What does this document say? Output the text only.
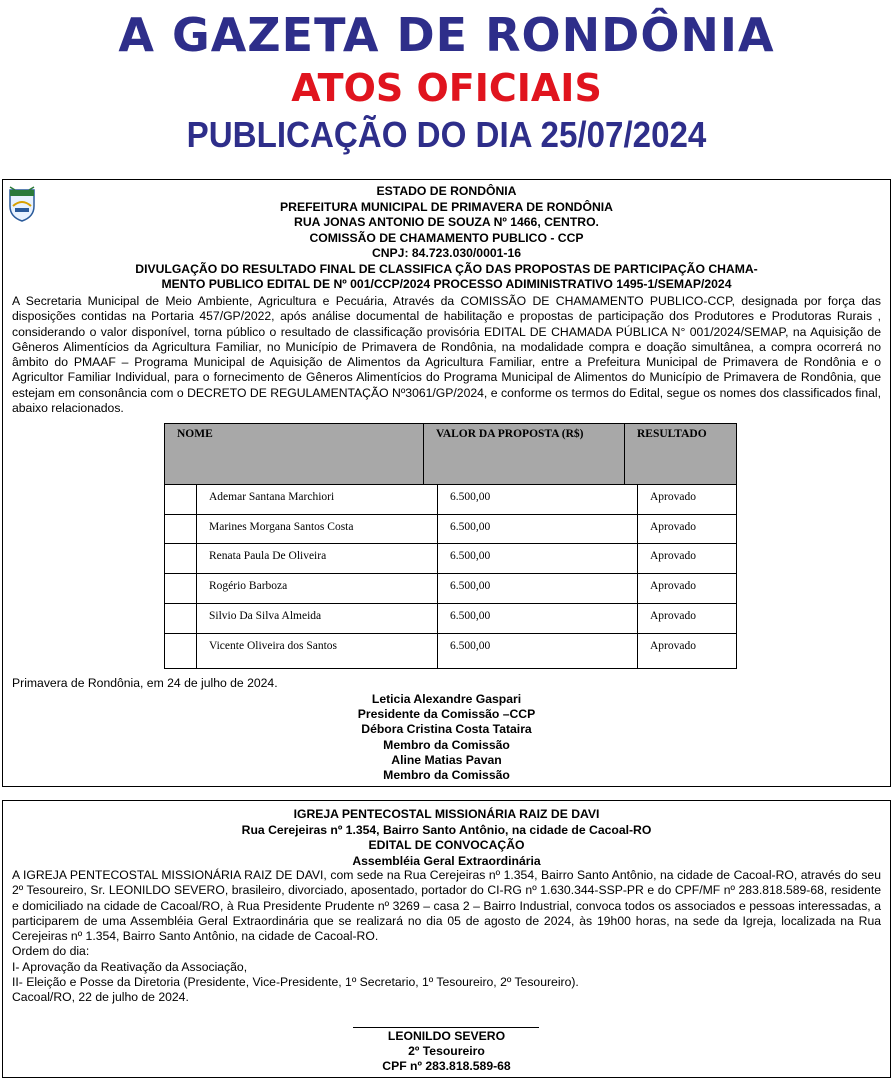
A GAZETA DE RONDÔNIA
ATOS OFICIAIS
PUBLICAÇÃO DO DIA 25/07/2024
ESTADO DE RONDÔNIA
PREFEITURA MUNICIPAL DE PRIMAVERA DE RONDÔNIA
RUA JONAS ANTONIO DE SOUZA Nº 1466, CENTRO.
COMISSÃO DE CHAMAMENTO PUBLICO - CCP
CNPJ: 84.723.030/0001-16
DIVULGAÇÃO DO RESULTADO FINAL DE CLASSIFICA ÇÃO DAS PROPOSTAS DE PARTICIPAÇÃO CHAMA-
MENTO PUBLICO EDITAL DE Nº 001/CCP/2024 PROCESSO ADIMINISTRATIVO 1495-1/SEMAP/2024
A Secretaria Municipal de Meio Ambiente, Agricultura e Pecuária, Através da COMISSÃO DE CHAMAMENTO PUBLICO-CCP, designada por força das disposições contidas na Portaria 457/GP/2022, após análise documental de habilitação e propostas de participação dos Produtores e Produtoras Rurais , considerando o valor disponível, torna público o resultado de classificação provisória EDITAL DE CHAMADA PÚBLICA N° 001/2024/SEMAP, na Aquisição de Gêneros Alimentícios da Agricultura Familiar, no Município de Primavera de Rondônia, na modalidade compra e doação simultânea, a compra ocorrerá no âmbito do PMAAF – Programa Municipal de Aquisição de Alimentos da Agricultura Familiar, entre a Prefeitura Municipal de Primavera de Rondônia e o Agricultor Familiar Individual, para o fornecimento de Gêneros Alimentícios do Programa Municipal de Alimentos do Município de Primavera de Rondônia, que estejam em consonância com o DECRETO DE REGULAMENTAÇÃO Nº3061/GP/2024, e conforme os termos do Edital, segue os nomes dos classificados final, abaixo relacionados.
NOME	VALOR DA PROPOSTA (R$)	RESULTADO
Ademar Santana Marchiori	6.500,00	Aprovado
Marines Morgana Santos Costa	6.500,00	Aprovado
Renata Paula De Oliveira	6.500,00	Aprovado
Rogério Barboza	6.500,00	Aprovado
Silvio Da Silva Almeida	6.500,00	Aprovado
Vicente Oliveira dos Santos	6.500,00	Aprovado
Primavera de Rondônia, em 24 de julho de 2024.
Leticia Alexandre Gaspari
Presidente da Comissão –CCP
Débora Cristina Costa Tataira
Membro da Comissão
Aline Matias Pavan
Membro da Comissão
IGREJA PENTECOSTAL MISSIONÁRIA RAIZ DE DAVI
Rua Cerejeiras nº 1.354, Bairro Santo Antônio, na cidade de Cacoal-RO
EDITAL DE CONVOCAÇÃO
Assembléia Geral Extraordinária
A IGREJA PENTECOSTAL MISSIONÁRIA RAIZ DE DAVI, com sede na Rua Cerejeiras nº 1.354, Bairro Santo Antônio, na cidade de Cacoal-RO, através do seu 2º Tesoureiro, Sr. LEONILDO SEVERO, brasileiro, divorciado, aposentado, portador do CI-RG nº 1.630.344-SSP-PR e do CPF/MF nº 283.818.589-68, residente e domiciliado na cidade de Cacoal/RO, à Rua Presidente Prudente nº 3269 – casa 2 – Bairro Industrial, convoca todos os associados e pessoas interessadas, a participarem de uma Assembléia Geral Extraordinária que se realizará no dia 05 de agosto de 2024, às 19h00 horas, na sede da Igreja, localizada na Rua Cerejeiras nº 1.354, Bairro Santo Antônio, na cidade de Cacoal-RO.
Ordem do dia:
I- Aprovação da Reativação da Associação,
II- Eleição e Posse da Diretoria (Presidente, Vice-Presidente, 1º Secretario, 1º Tesoureiro, 2º Tesoureiro).
Cacoal/RO, 22 de julho de 2024.
LEONILDO SEVERO
2º Tesoureiro
CPF nº 283.818.589-68
